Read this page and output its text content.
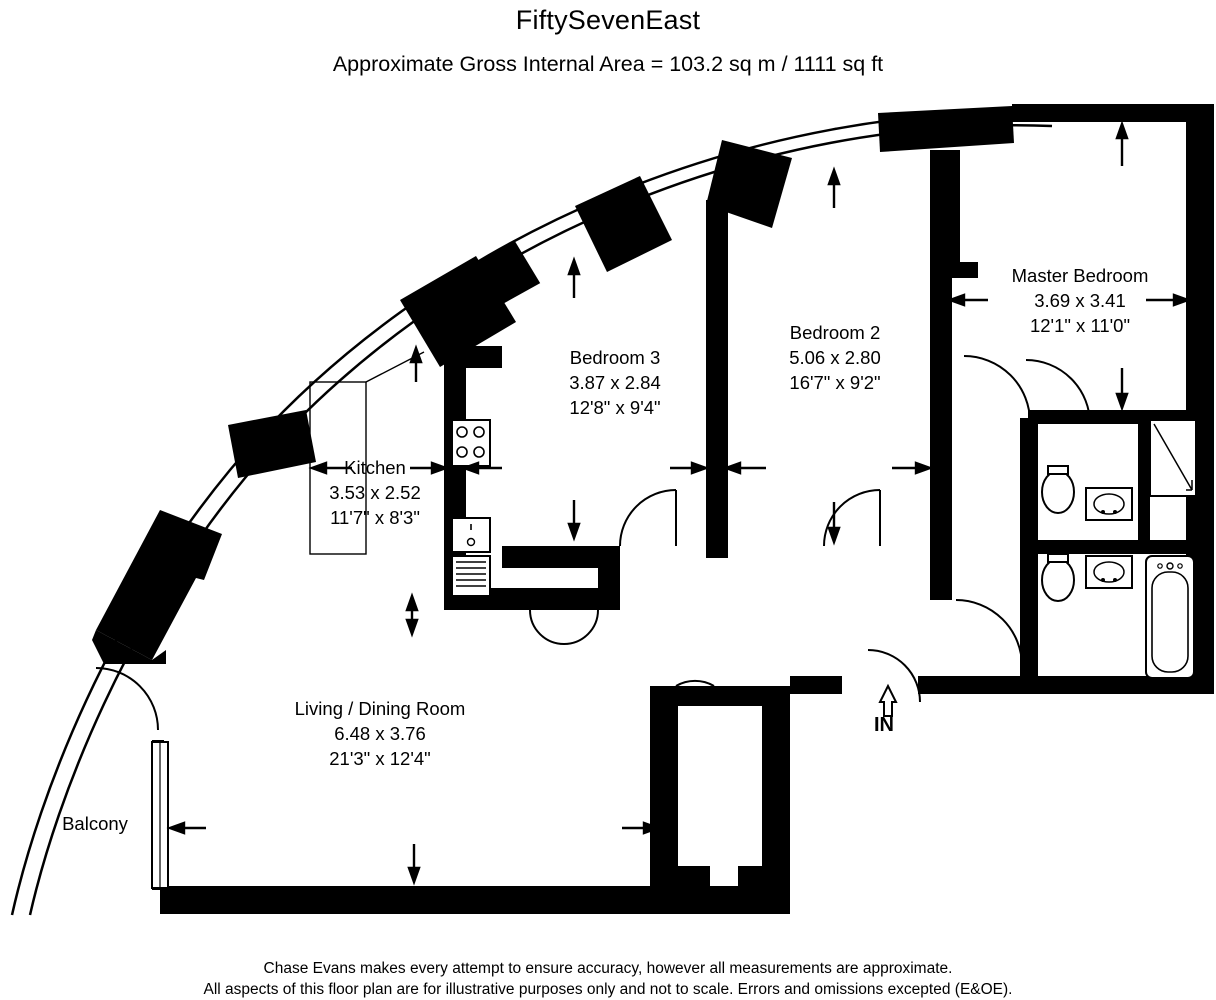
FiftySevenEast
Approximate Gross Internal Area = 103.2 sq m / 1111 sq ft
Kitchen
3.53 x 2.52
11'7" x 8'3"
Bedroom 3
3.87 x 2.84
12'8" x 9'4"
Bedroom 2
5.06 x 2.80
16'7" x 9'2"
Master Bedroom
3.69 x 3.41
12'1" x 11'0"
Living / Dining Room
6.48 x 3.76
21'3" x 12'4"
Balcony
IN
Chase Evans makes every attempt to ensure accuracy, however all measurements are approximate.
All aspects of this floor plan are for illustrative purposes only and not to scale. Errors and omissions excepted (E&OE).
